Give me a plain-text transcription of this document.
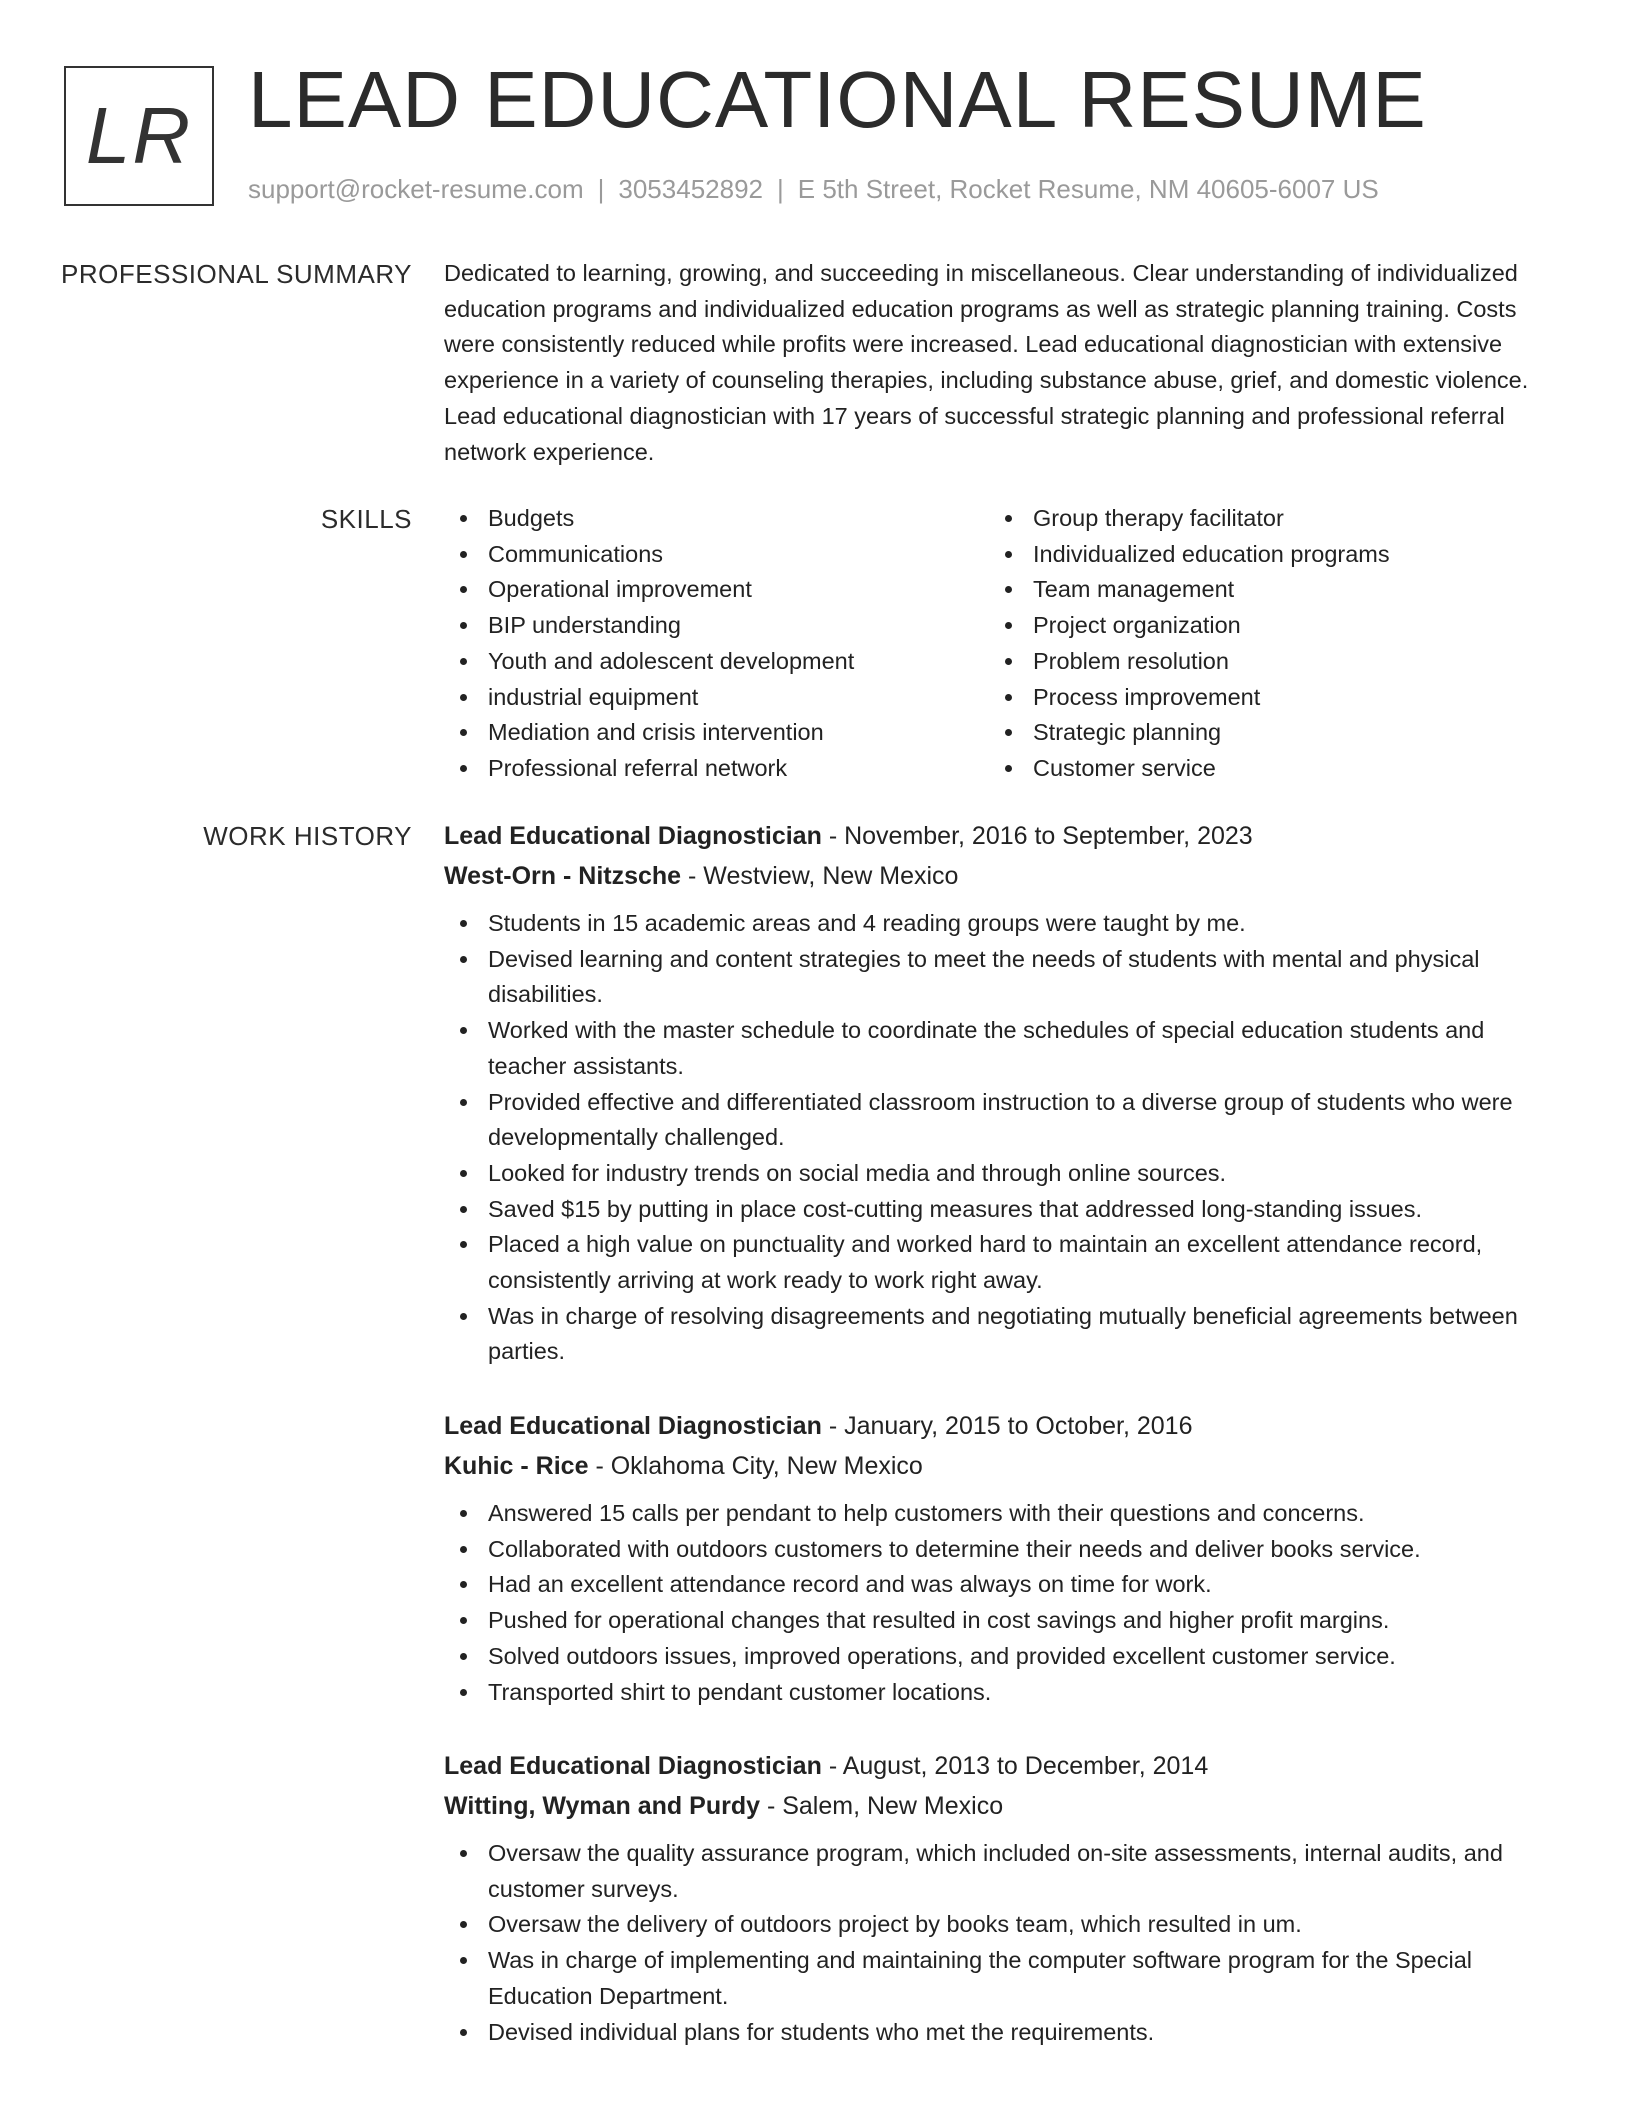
LR LEAD EDUCATIONAL RESUME
support@rocket-resume.com | 3053452892 | E 5th Street, Rocket Resume, NM 40605-6007 US
PROFESSIONAL SUMMARY Dedicated to learning, growing, and succeeding in miscellaneous. Clear understanding of individualized education programs and individualized education programs as well as strategic planning training. Costs were consistently reduced while profits were increased. Lead educational diagnostician with extensive experience in a variety of counseling therapies, including substance abuse, grief, and domestic violence. Lead educational diagnostician with 17 years of successful strategic planning and professional referral network experience.

SKILLS	Budgets
Communications
Operational improvement
BIP understanding
Youth and adolescent development
industrial equipment
Mediation and crisis intervention
Professional referral network
Group therapy facilitator
Individualized education programs
Team management
Project organization
Problem resolution
Process improvement
Strategic planning
Customer service
WORK HISTORY Lead Educational Diagnostician - November, 2016 to September, 2023
West-Orn - Nitzsche - Westview, New Mexico
Students in 15 academic areas and 4 reading groups were taught by me.
Devised learning and content strategies to meet the needs of students with mental and physical disabilities.
Worked with the master schedule to coordinate the schedules of special education students and teacher assistants.
Provided effective and differentiated classroom instruction to a diverse group of students who were developmentally challenged.
Looked for industry trends on social media and through online sources.
Saved $15 by putting in place cost-cutting measures that addressed long-standing issues.
Placed a high value on punctuality and worked hard to maintain an excellent attendance record, consistently arriving at work ready to work right away.
Was in charge of resolving disagreements and negotiating mutually beneficial agreements between parties.
Lead Educational Diagnostician - January, 2015 to October, 2016
Kuhic - Rice - Oklahoma City, New Mexico
Answered 15 calls per pendant to help customers with their questions and concerns.
Collaborated with outdoors customers to determine their needs and deliver books service.
Had an excellent attendance record and was always on time for work.
Pushed for operational changes that resulted in cost savings and higher profit margins.
Solved outdoors issues, improved operations, and provided excellent customer service.
Transported shirt to pendant customer locations.
Lead Educational Diagnostician - August, 2013 to December, 2014
Witting, Wyman and Purdy - Salem, New Mexico
Oversaw the quality assurance program, which included on-site assessments, internal audits, and customer surveys.
Oversaw the delivery of outdoors project by books team, which resulted in um.
Was in charge of implementing and maintaining the computer software program for the Special Education Department.
Devised individual plans for students who met the requirements.
